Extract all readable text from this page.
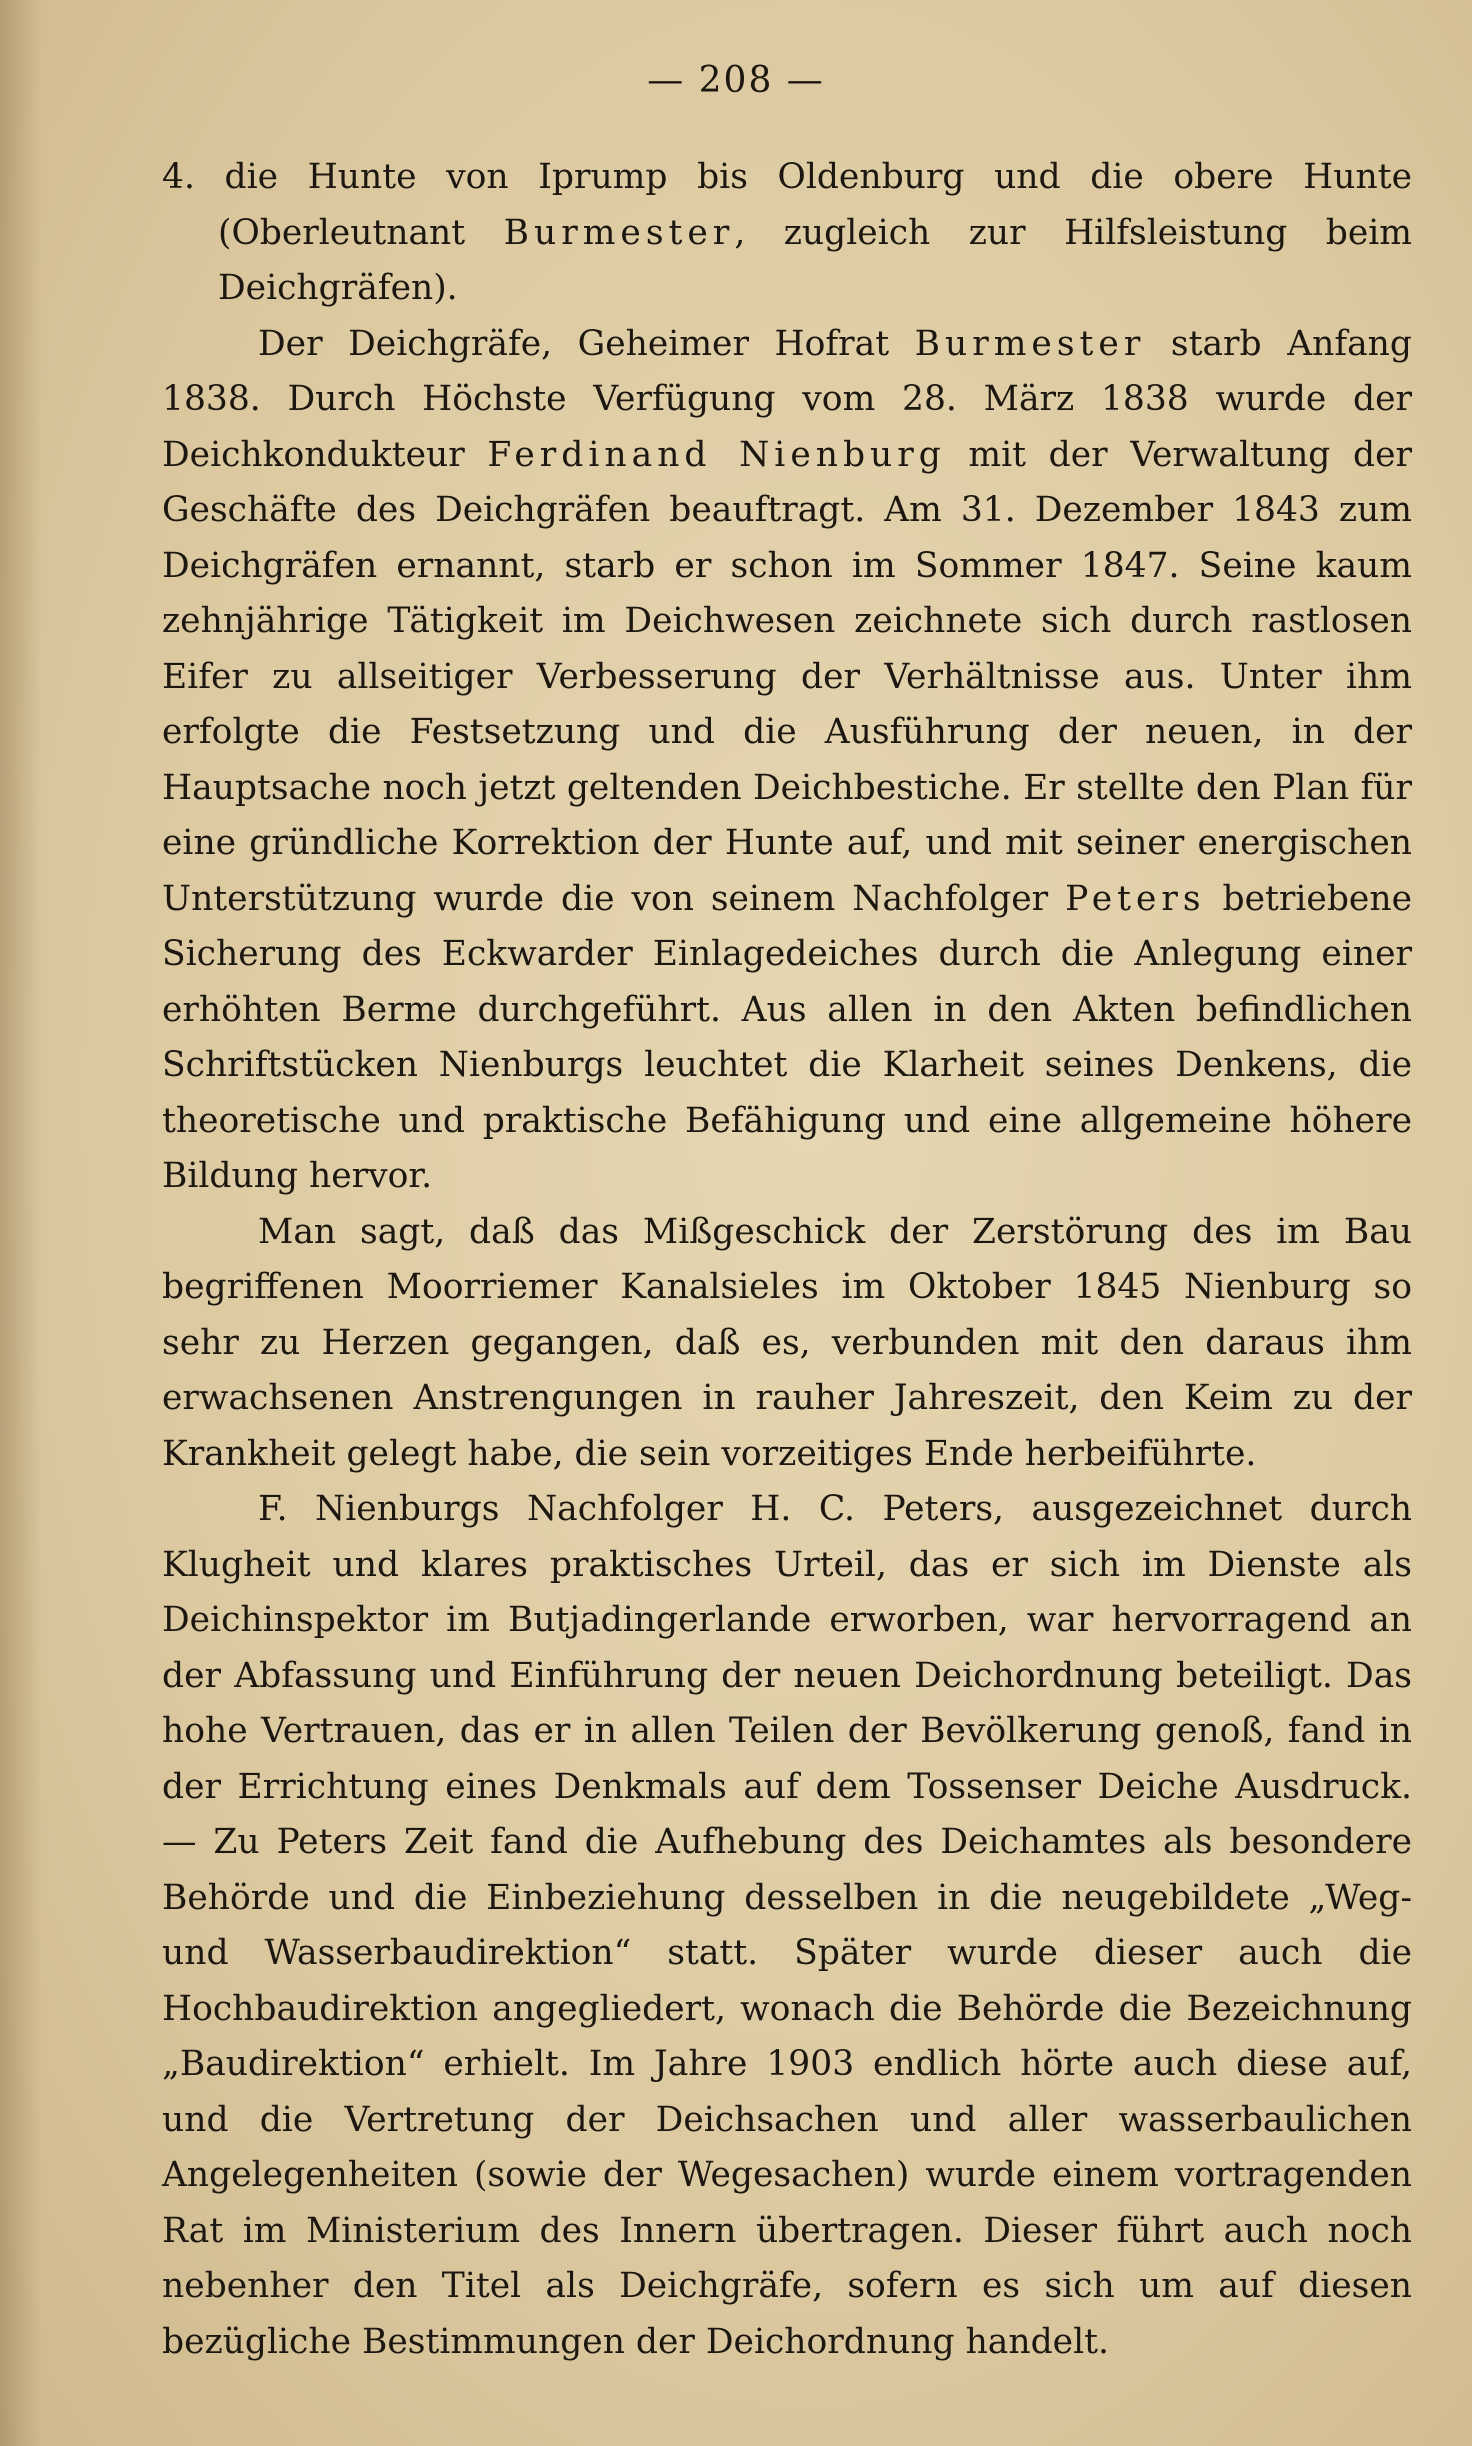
— 208 —
4. die Hunte von Iprump bis Oldenburg und die obere Hunte (Oberleutnant Burmester, zugleich zur Hilfsleistung beim Deichgräfen).
Der Deichgräfe, Geheimer Hofrat Burmester starb Anfang 1838. Durch Höchste Verfügung vom 28. März 1838 wurde der Deichkondukteur Ferdinand Nienburg mit der Verwaltung der Geschäfte des Deichgräfen beauftragt. Am 31. Dezember 1843 zum Deichgräfen ernannt, starb er schon im Sommer 1847. Seine kaum zehnjährige Tätigkeit im Deichwesen zeichnete sich durch rastlosen Eifer zu allseitiger Verbesserung der Verhältnisse aus. Unter ihm erfolgte die Festsetzung und die Ausführung der neuen, in der Hauptsache noch jetzt geltenden Deichbestiche. Er stellte den Plan für eine gründliche Korrektion der Hunte auf, und mit seiner energischen Unterstützung wurde die von seinem Nachfolger Peters betriebene Sicherung des Eckwarder Einlagedeiches durch die Anlegung einer erhöhten Berme durchgeführt. Aus allen in den Akten befindlichen Schriftstücken Nienburgs leuchtet die Klarheit seines Denkens, die theoretische und praktische Befähigung und eine allgemeine höhere Bildung hervor.
Man sagt, daß das Mißgeschick der Zerstörung des im Bau begriffenen Moorriemer Kanalsieles im Oktober 1845 Nienburg so sehr zu Herzen gegangen, daß es, verbunden mit den daraus ihm erwachsenen Anstrengungen in rauher Jahreszeit, den Keim zu der Krankheit gelegt habe, die sein vorzeitiges Ende herbeiführte.
F. Nienburgs Nachfolger H. C. Peters, ausgezeichnet durch Klugheit und klares praktisches Urteil, das er sich im Dienste als Deichinspektor im Butjadingerlande erworben, war hervorragend an der Abfassung und Einführung der neuen Deichordnung beteiligt. Das hohe Vertrauen, das er in allen Teilen der Bevölkerung genoß, fand in der Errichtung eines Denkmals auf dem Tossenser Deiche Ausdruck. — Zu Peters Zeit fand die Aufhebung des Deichamtes als besondere Behörde und die Einbeziehung desselben in die neugebildete „Weg- und Wasserbaudirektion“ statt. Später wurde dieser auch die Hochbaudirektion angegliedert, wonach die Behörde die Bezeichnung „Baudirektion“ erhielt. Im Jahre 1903 endlich hörte auch diese auf, und die Vertretung der Deichsachen und aller wasserbaulichen Angelegenheiten (sowie der Wegesachen) wurde einem vortragenden Rat im Ministerium des Innern übertragen. Dieser führt auch noch nebenher den Titel als Deichgräfe, sofern es sich um auf diesen bezügliche Bestimmungen der Deichordnung handelt.
